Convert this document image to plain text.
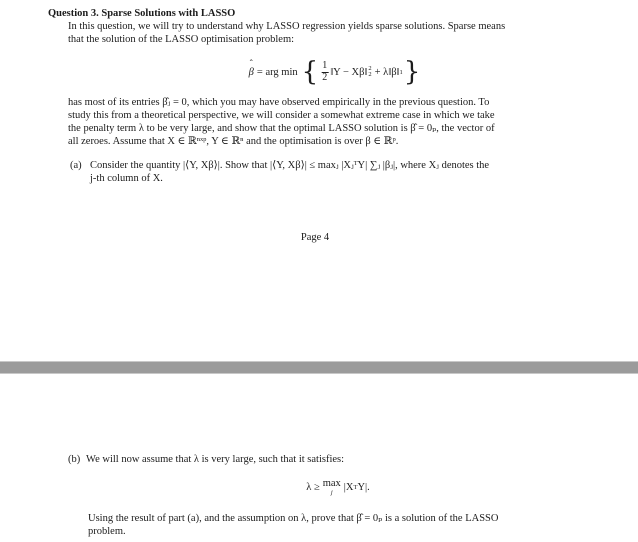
Question 3. Sparse Solutions with LASSO
In this question, we will try to understand why LASSO regression yields sparse solutions. Sparse means
that the solution of the LASSO optimisation problem:
ˆ
β = arg min { $\frac{1}{2}$ ‖Y − Xβ‖ 2
2 + λ‖β‖ 1 }
has most of its entries β̂ⱼ = 0, which you may have observed empirically in the previous question. To
study this from a theoretical perspective, we will consider a somewhat extreme case in which we take
the penalty term λ to be very large, and show that the optimal LASSO solution is β̂ = 0ₚ, the vector of
all zeroes. Assume that X ∈ ℝⁿˣᵖ, Y ∈ ℝⁿ and the optimisation is over β ∈ ℝᵖ.
(a) Consider the quantity |⟨Y, Xβ⟩|. Show that |⟨Y, Xβ⟩| ≤ maxⱼ |XⱼᵀY| ∑ⱼ |βⱼ|, where Xⱼ denotes the
j-th column of X.
Page 4
(b) We will now assume that λ is very large, such that it satisfies:
λ ≥ max
j |X T Y|.
Using the result of part (a), and the assumption on λ, prove that β̂ = 0ₚ is a solution of the LASSO
problem.
